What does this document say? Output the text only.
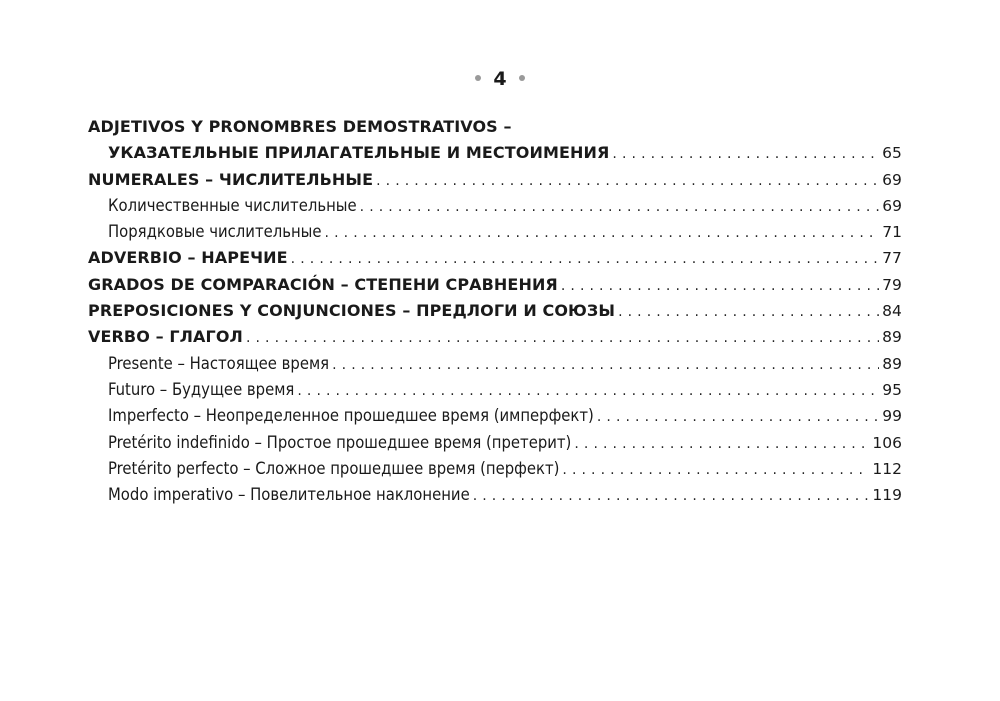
4
ADJETIVOS Y PRONOMBRES DEMOSTRATIVOS –
УКАЗАТЕЛЬНЫЕ ПРИЛАГАТЕЛЬНЫЕ И МЕСТОИМЕНИЯ .....	65
NUMERALES – ЧИСЛИТЕЛЬНЫЕ .....	69
Количественные числительные .....	69
Порядковые числительные .....	71
ADVERBIO – НАРЕЧИЕ .....	77
GRADOS DE COMPARACIÓN – СТЕПЕНИ СРАВНЕНИЯ .....	79
PREPOSICIONES Y CONJUNCIONES – ПРЕДЛОГИ И СОЮЗЫ .....	84
VERBO – ГЛАГОЛ .....	89
Presente – Настоящее время .....	89
Futuro – Будущее время .....	95
Imperfecto – Неопределенное прошедшее время (имперфект) .....	99
Pretérito indefinido – Простое прошедшее время (претерит) .....	106
Pretérito perfecto – Сложное прошедшее время (перфект) .....	112
Modo imperativo – Повелительное наклонение .....	119
